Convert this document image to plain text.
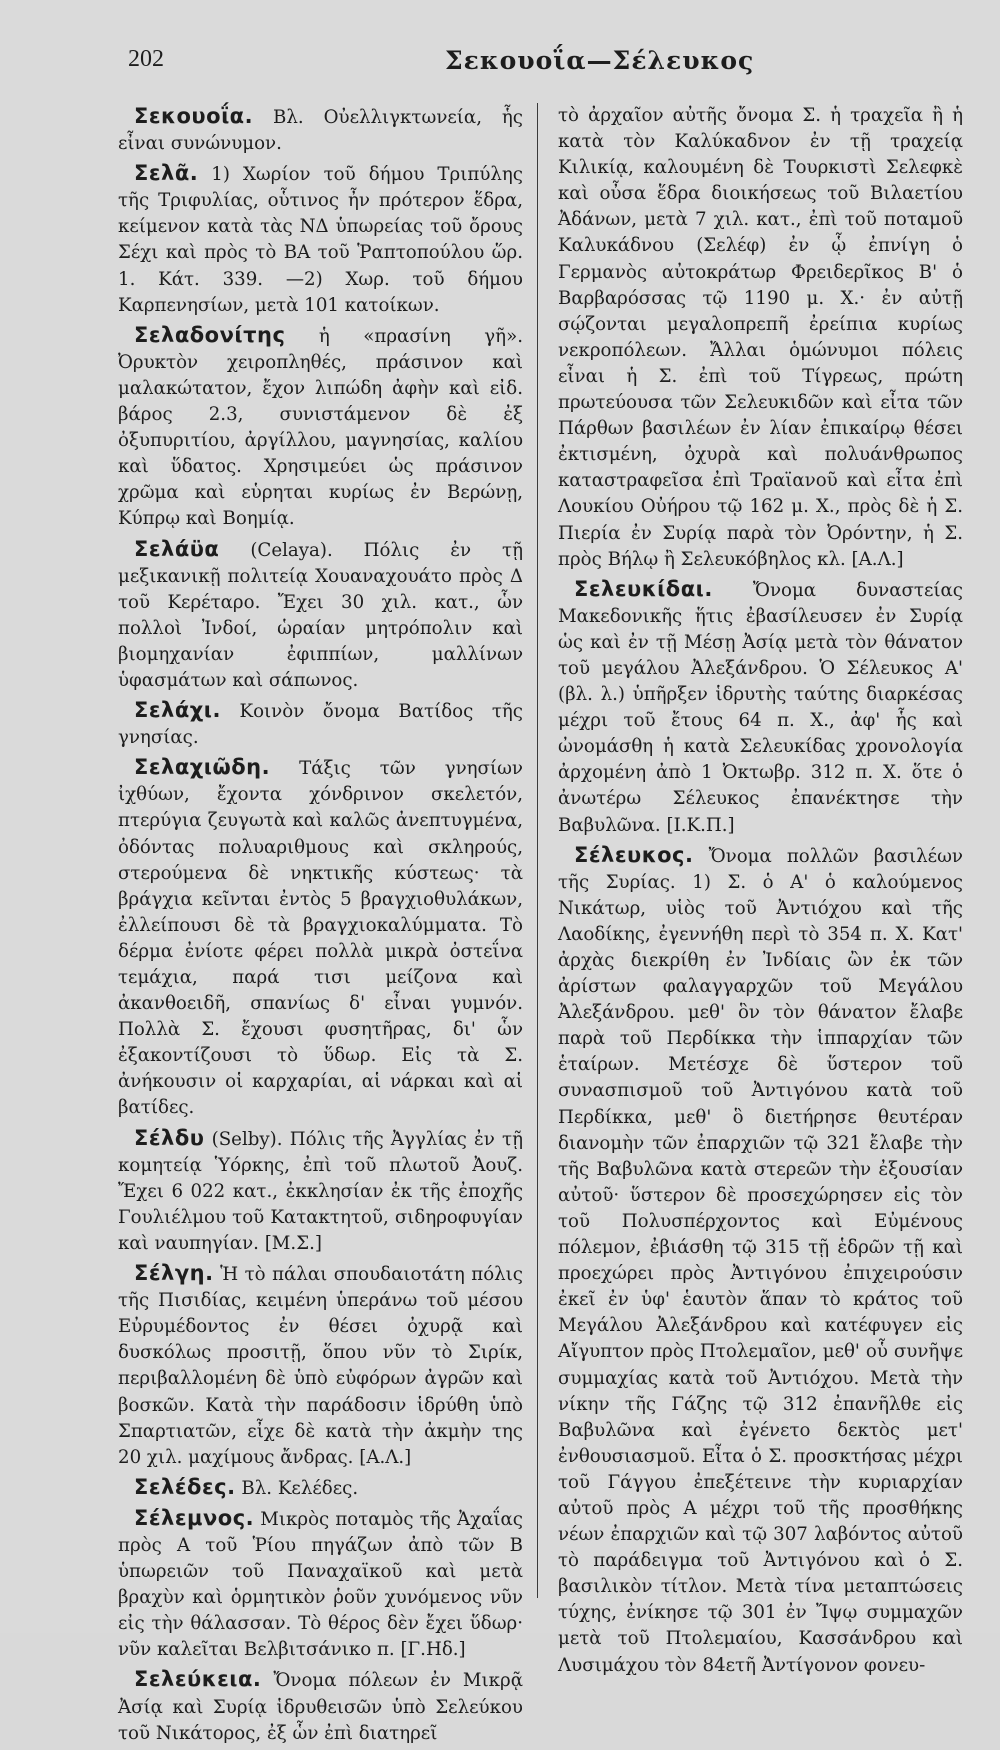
202	Σεκουοΐα—Σέλευκος

Σεκουοΐα. Βλ. Οὐελλιγκτωνεία, ἧς εἶναι συνώνυμον.

Σελᾶ. 1) Χωρίον τοῦ δήμου Τριπύλης τῆς Τριφυλίας, οὗτινος ἦν πρότερον ἕδρα, κείμενον κατὰ τὰς ΝΔ ὑπωρείας τοῦ ὄρους Σέχι καὶ πρὸς τὸ ΒΑ τοῦ Ῥαπτοπούλου ὥρ. 1. Κάτ. 339. —2) Χωρ. τοῦ δήμου Καρπενησίων, μετὰ 101 κατοίκων.

Σελαδονίτης ἡ «πρασίνη γῆ». Ὀρυκτὸν χειροπληθές, πράσινον καὶ μαλακώτατον, ἔχον λιπώδη ἀφὴν καὶ εἰδ. βάρος 2.3, συνιστάμενον δὲ ἐξ ὀξυπυριτίου, ἀργίλλου, μαγνησίας, καλίου καὶ ὕδατος. Χρησιμεύει ὡς πράσινον χρῶμα καὶ εὑρηται κυρίως ἐν Βερώνῃ, Κύπρῳ καὶ Βοημίᾳ.

Σελάϋα (Celaya). Πόλις ἐν τῇ μεξικανικῇ πολιτείᾳ Χουαναχουάτο πρὸς Δ τοῦ Κερέταρο. Ἔχει 30 χιλ. κατ., ὧν πολλοὶ Ἰνδοί, ὡραίαν μητρόπολιν καὶ βιομηχανίαν ἐφιππίων, μαλλίνων ὑφασμάτων καὶ σάπωνος.

Σελάχι. Κοινὸν ὄνομα Βατίδος τῆς γνησίας.

Σελαχιῶδη. Τάξις τῶν γνησίων ἰχθύων, ἔχοντα χόνδρινον σκελετόν, πτερύγια ζευγωτὰ καὶ καλῶς ἀνεπτυγμένα, ὀδόντας πολυαριθμους καὶ σκληρούς, στερούμενα δὲ νηκτικῆς κύστεως· τὰ βράγχια κεῖνται ἐντὸς 5 βραγχιοθυλάκων, ἐλλείπουσι δὲ τὰ βραγχιοκαλύμματα. Τὸ δέρμα ἐνίοτε φέρει πολλὰ μικρὰ ὀστεΐνα τεμάχια, παρά τισι μείζονα καὶ ἀκανθοειδῆ, σπανίως δ' εἶναι γυμνόν. Πολλὰ Σ. ἔχουσι φυσητῆρας, δι' ὧν ἐξακοντίζουσι τὸ ὕδωρ. Εἰς τὰ Σ. ἀνήκουσιν οἱ καρχαρίαι, αἱ νάρκαι καὶ αἱ βατίδες.

Σέλδυ (Selby). Πόλις τῆς Ἀγγλίας ἐν τῇ κομητείᾳ Ὑόρκης, ἐπὶ τοῦ πλωτοῦ Ἀουζ. Ἔχει 6 022 κατ., ἐκκλησίαν ἐκ τῆς ἐποχῆς Γουλιέλμου τοῦ Κατακτητοῦ, σιδηροφυγίαν καὶ ναυπηγίαν. [Μ.Σ.]

Σέλγη. Ἡ τὸ πάλαι σπουδαιοτάτη πόλις τῆς Πισιδίας, κειμένη ὑπεράνω τοῦ μέσου Εὐρυμέδοντος ἐν θέσει ὀχυρᾷ καὶ δυσκόλως προσιτῇ, ὅπου νῦν τὸ Σιρίκ, περιβαλλομένη δὲ ὑπὸ εὐφόρων ἀγρῶν καὶ βοσκῶν. Κατὰ τὴν παράδοσιν ἱδρύθη ὑπὸ Σπαρτιατῶν, εἶχε δὲ κατὰ τὴν ἀκμὴν της 20 χιλ. μαχίμους ἄνδρας. [Α.Λ.]

Σελέδες. Βλ. Κελέδες.

Σέλεμνος. Μικρὸς ποταμὸς τῆς Ἀχαΐας πρὸς Α τοῦ Ῥίου πηγάζων ἀπὸ τῶν Β ὑπωρειῶν τοῦ Παναχαϊκοῦ καὶ μετὰ βραχὺν καὶ ὁρμητικὸν ῥοῦν χυνόμενος νῦν εἰς τὴν θάλασσαν. Τὸ θέρος δὲν ἔχει ὕδωρ· νῦν καλεῖται Βελβιτσάνικο π. [Γ.Ηδ.]

Σελεύκεια. Ὄνομα πόλεων ἐν Μικρᾷ Ἀσίᾳ καὶ Συρίᾳ ἱδρυθεισῶν ὑπὸ Σελεύκου τοῦ Νικάτορος, ἐξ ὧν ἐπὶ διατηρεῖ

τὸ ἀρχαῖον αὐτῆς ὄνομα Σ. ἡ τραχεῖα ἢ ἡ κατὰ τὸν Καλύκαδνον ἐν τῇ τραχείᾳ Κιλικίᾳ, καλουμένη δὲ Τουρκιστὶ Σελεφκὲ καὶ οὖσα ἕδρα διοικήσεως τοῦ Βιλαετίου Ἀδάνων, μετὰ 7 χιλ. κατ., ἐπὶ τοῦ ποταμοῦ Καλυκάδνου (Σελέφ) ἐν ᾧ ἐπνίγη ὁ Γερμανὸς αὐτοκράτωρ Φρειδερῖκος Β' ὁ Βαρβαρόσσας τῷ 1190 μ. Χ.· ἐν αὐτῇ σῴζονται μεγαλοπρεπῆ ἐρείπια κυρίως νεκροπόλεων. Ἄλλαι ὁμώνυμοι πόλεις εἶναι ἡ Σ. ἐπὶ τοῦ Τίγρεως, πρώτη πρωτεύουσα τῶν Σελευκιδῶν καὶ εἶτα τῶν Πάρθων βασιλέων ἐν λίαν ἐπικαίρῳ θέσει ἐκτισμένη, ὀχυρὰ καὶ πολυάνθρωπος καταστραφεῖσα ἐπὶ Τραϊανοῦ καὶ εἶτα ἐπὶ Λουκίου Οὐήρου τῷ 162 μ. Χ., πρὸς δὲ ἡ Σ. Πιερία ἐν Συρίᾳ παρὰ τὸν Ὀρόντην, ἡ Σ. πρὸς Βήλῳ ἢ Σελευκόβηλος κλ. [Α.Λ.]

Σελευκίδαι. Ὄνομα δυναστείας Μακεδονικῆς ἥτις ἐβασίλευσεν ἐν Συρίᾳ ὡς καὶ ἐν τῇ Μέσῃ Ἀσίᾳ μετὰ τὸν θάνατον τοῦ μεγάλου Ἀλεξάνδρου. Ὁ Σέλευκος Α' (βλ. λ.) ὑπῆρξεν ἱδρυτὴς ταύτης διαρκέσας μέχρι τοῦ ἔτους 64 π. Χ., ἀφ' ἧς καὶ ὠνομάσθη ἡ κατὰ Σελευκίδας χρονολογία ἀρχομένη ἀπὸ 1 Ὀκτωβρ. 312 π. Χ. ὅτε ὁ ἀνωτέρω Σέλευκος ἐπανέκτησε τὴν Βαβυλῶνα. [Ι.Κ.Π.]

Σέλευκος. Ὄνομα πολλῶν βασιλέων τῆς Συρίας. 1) Σ. ὁ Α' ὁ καλούμενος Νικάτωρ, υἱὸς τοῦ Ἀντιόχου καὶ τῆς Λαοδίκης, ἐγεννήθη περὶ τὸ 354 π. Χ. Κατ' ἀρχὰς διεκρίθη ἐν Ἰνδίαις ὢν ἐκ τῶν ἀρίστων φαλαγγαρχῶν τοῦ Μεγάλου Ἀλεξάνδρου. μεθ' ὃν τὸν θάνατον ἔλαβε παρὰ τοῦ Περδίκκα τὴν ἱππαρχίαν τῶν ἑταίρων. Μετέσχε δὲ ὕστερον τοῦ συνασπισμοῦ τοῦ Ἀντιγόνου κατὰ τοῦ Περδίκκα, μεθ' ὃ διετήρησε θευτέραν διανομὴν τῶν ἐπαρχιῶν τῷ 321 ἔλαβε τὴν τῆς Βαβυλῶνα κατὰ στερεῶν τὴν ἐξουσίαν αὐτοῦ· ὕστερον δὲ προσεχώρησεν εἰς τὸν τοῦ Πολυσπέρχοντος καὶ Εὐμένους πόλεμον, ἐβιάσθη τῷ 315 τῇ ἑδρῶν τῇ καὶ προεχώρει πρὸς Ἀντιγόνου ἐπιχειρούσιν ἐκεῖ ἐν ὑφ' ἑαυτὸν ἅπαν τὸ κράτος τοῦ Μεγάλου Ἀλεξάνδρου καὶ κατέφυγεν εἰς Αἴγυπτον πρὸς Πτολεμαῖον, μεθ' οὗ συνῆψε συμμαχίας κατὰ τοῦ Ἀντιόχου. Μετὰ τὴν νίκην τῆς Γάζης τῷ 312 ἐπανῆλθε εἰς Βαβυλῶνα καὶ ἐγένετο δεκτὸς μετ' ἐνθουσιασμοῦ. Εἶτα ὁ Σ. προσκτήσας μέχρι τοῦ Γάγγου ἐπεξέτεινε τὴν κυριαρχίαν αὐτοῦ πρὸς Α μέχρι τοῦ τῆς προσθήκης νέων ἐπαρχιῶν καὶ τῷ 307 λαβόντος αὐτοῦ τὸ παράδειγμα τοῦ Ἀντιγόνου καὶ ὁ Σ. βασιλικὸν τίτλον. Μετὰ τίνα μεταπτώσεις τύχης, ἐνίκησε τῷ 301 ἐν Ἴψῳ συμμαχῶν μετὰ τοῦ Πτολεμαίου, Κασσάνδρου καὶ Λυσιμάχου τὸν 84ετῆ Ἀντίγονον φονευ-
